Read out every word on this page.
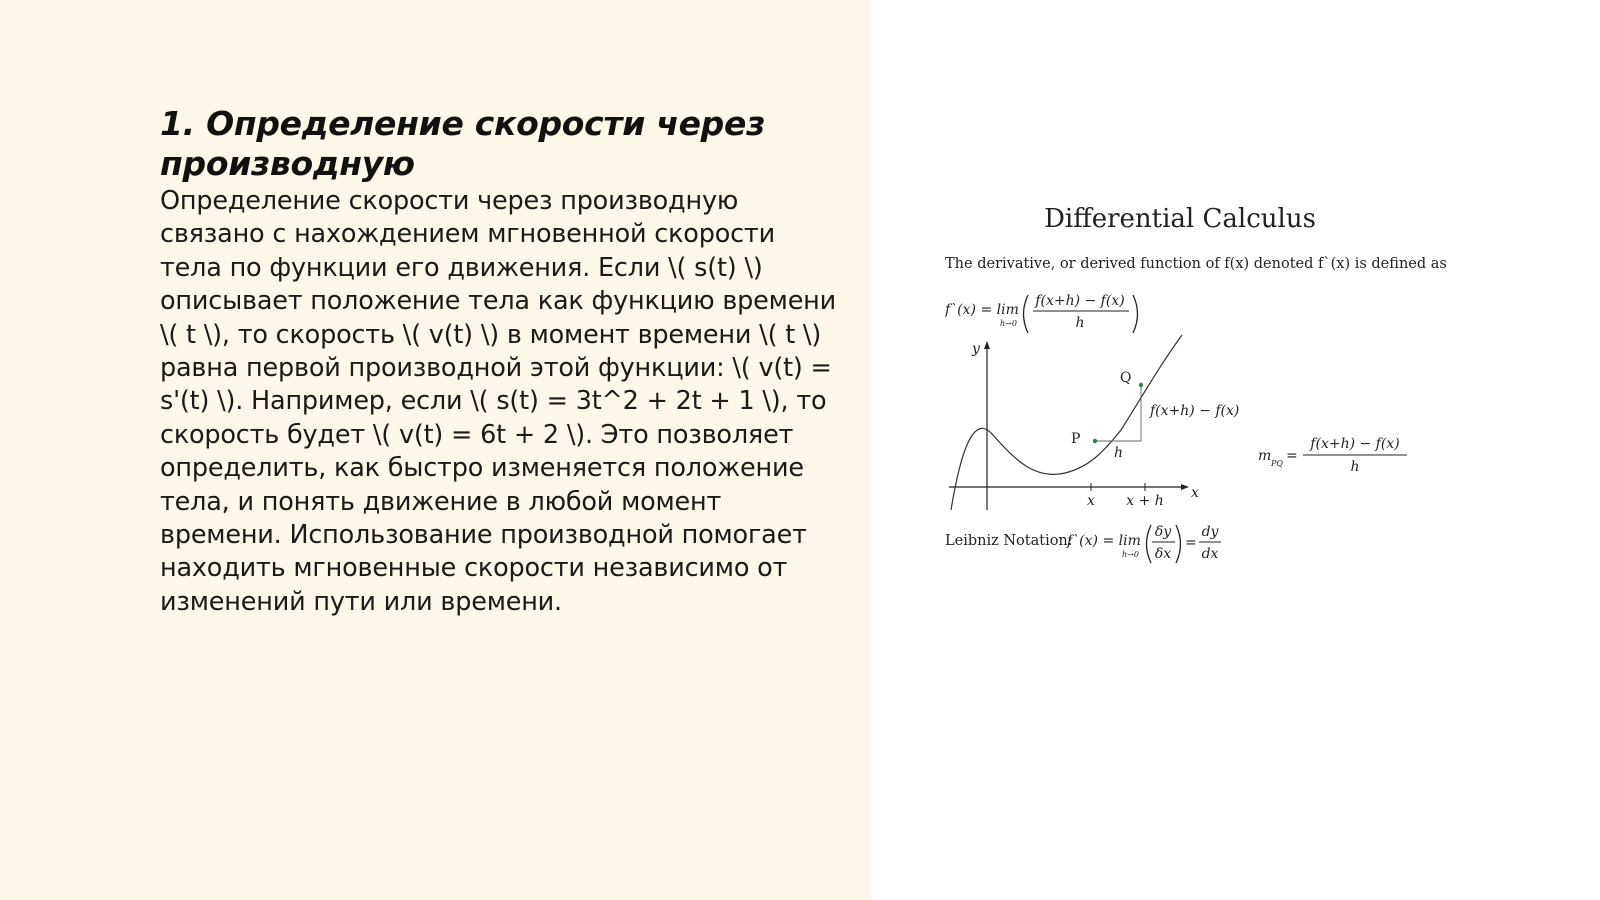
1. Определение скорости через производную

Определение скорости через производную связано с нахождением мгновенной скорости тела по функции его движения. Если \( s(t) \) описывает положение тела как функцию времени \( t \), то скорость \( v(t) \) в момент времени \( t \) равна первой производной этой функции: \( v(t) = s'(t) \). Например, если \( s(t) = 3t^2 + 2t + 1 \), то скорость будет \( v(t) = 6t + 2 \). Это позволяет определить, как быстро изменяется положение тела, и понять движение в любой момент времени. Использование производной помогает находить мгновенные скорости независимо от изменений пути или времени.

Differential Calculus
The derivative, or derived function of f(x) denoted f`(x) is defined as
f`(x) = lim
h→0
f(x+h) − f(x)
h
y
x
P
Q
f(x+h) − f(x)
h
x x + h
m PQ =
f(x+h) − f(x)
h
Leibniz Notation:
f`(x) = lim
h→0
δy
δx
=
dy
dx
